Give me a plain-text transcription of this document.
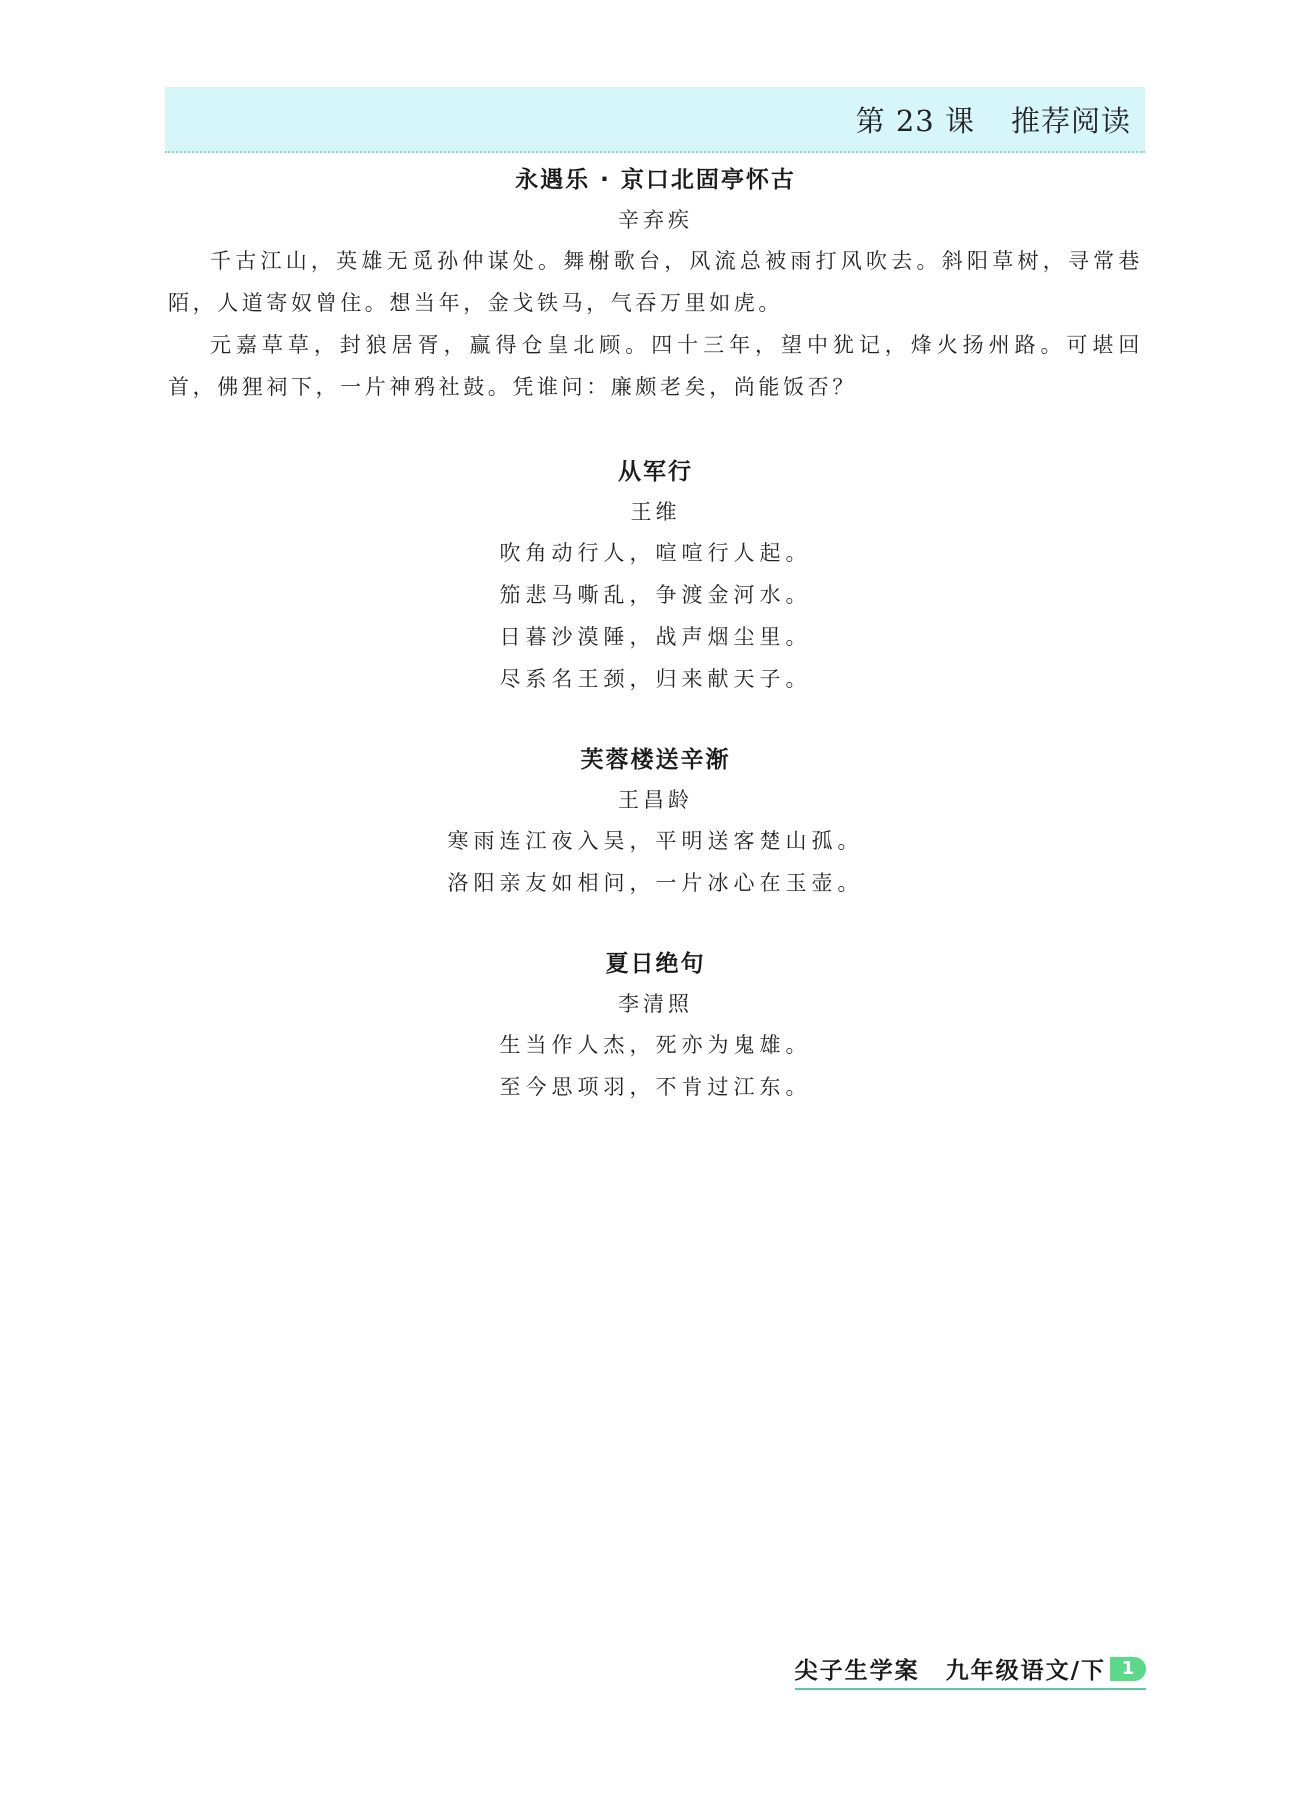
第 23 课 推荐阅读
永遇乐 · 京口北固亭怀古
辛弃疾

千古江山，英雄无觅孙仲谋处。舞榭歌台，风流总被雨打风吹去。斜阳草树，寻常巷陌，人道寄奴曾住。想当年，金戈铁马，气吞万里如虎。

元嘉草草，封狼居胥，赢得仓皇北顾。四十三年，望中犹记，烽火扬州路。可堪回首，佛狸祠下，一片神鸦社鼓。凭谁问：廉颇老矣，尚能饭否？

从军行
王维
吹角动行人，喧喧行人起。
笳悲马嘶乱，争渡金河水。
日暮沙漠陲，战声烟尘里。
尽系名王颈，归来献天子。
芙蓉楼送辛渐
王昌龄
寒雨连江夜入吴，平明送客楚山孤。
洛阳亲友如相问，一片冰心在玉壶。
夏日绝句
李清照
生当作人杰，死亦为鬼雄。
至今思项羽，不肯过江东。
尖子生学案 九年级语文/下 1
